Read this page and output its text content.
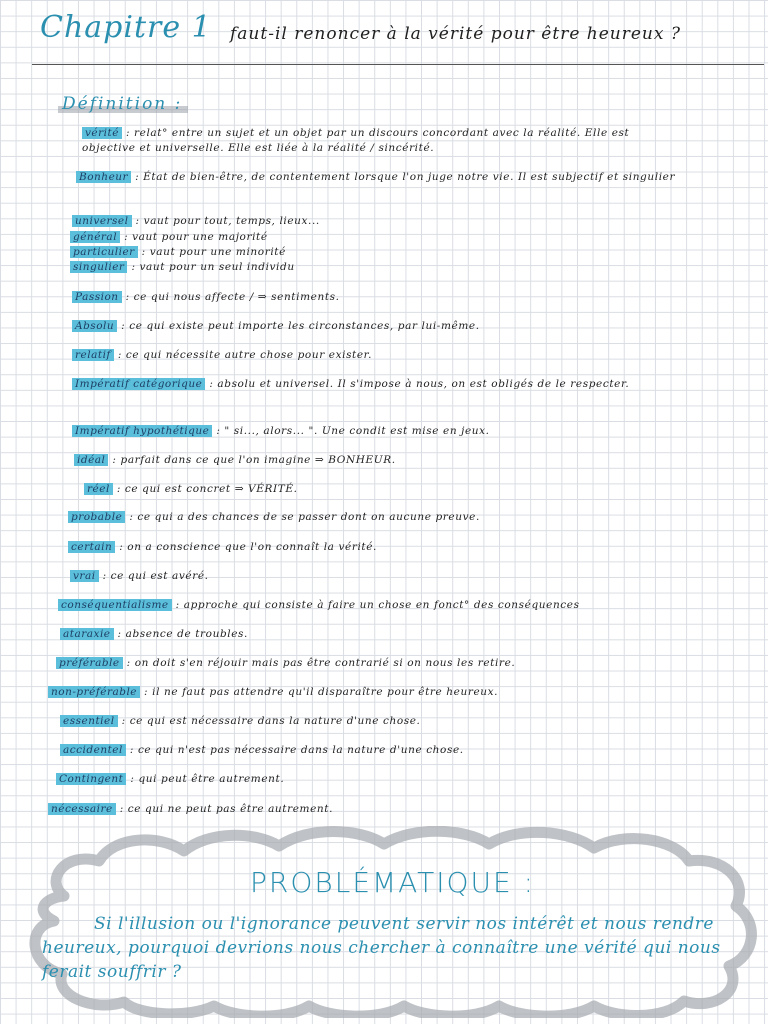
Chapitre 1 faut-il renoncer à la vérité pour être heureux ?
Définition :
vérité : relat° entre un sujet et un objet par un discours concordant avec la réalité. Elle est objective et universelle. Elle est liée à la réalité / sincérité.
Bonheur : État de bien-être, de contentement lorsque l'on juge notre vie. Il est subjectif et singulier
universel : vaut pour tout, temps, lieux...
général : vaut pour une majorité
particulier : vaut pour une minorité
singulier : vaut pour un seul individu
Passion : ce qui nous affecte / ⇒ sentiments.
Absolu : ce qui existe peut importe les circonstances, par lui-même.
relatif : ce qui nécessite autre chose pour exister.
Impératif catégorique : absolu et universel. Il s'impose à nous, on est obligés de le respecter.
Impératif hypothétique : " si..., alors... ". Une condit est mise en jeux.
idéal : parfait dans ce que l'on imagine ⇒ BONHEUR.
réel : ce qui est concret ⇒ VÉRITÉ.
probable : ce qui a des chances de se passer dont on aucune preuve.
certain : on a conscience que l'on connaît la vérité.
vrai : ce qui est avéré.
conséquentialisme : approche qui consiste à faire un chose en fonct° des conséquences
ataraxie : absence de troubles.
préférable : on doit s'en réjouir mais pas être contrarié si on nous les retire.
non-préférable : il ne faut pas attendre qu'il disparaître pour être heureux.
essentiel : ce qui est nécessaire dans la nature d'une chose.
accidentel : ce qui n'est pas nécessaire dans la nature d'une chose.
Contingent : qui peut être autrement.
nécessaire : ce qui ne peut pas être autrement.
PROBLÉMATIQUE :
Si l'illusion ou l'ignorance peuvent servir nos intérêt et nous rendre heureux, pourquoi devrions nous chercher à connaître une vérité qui nous ferait souffrir ?
